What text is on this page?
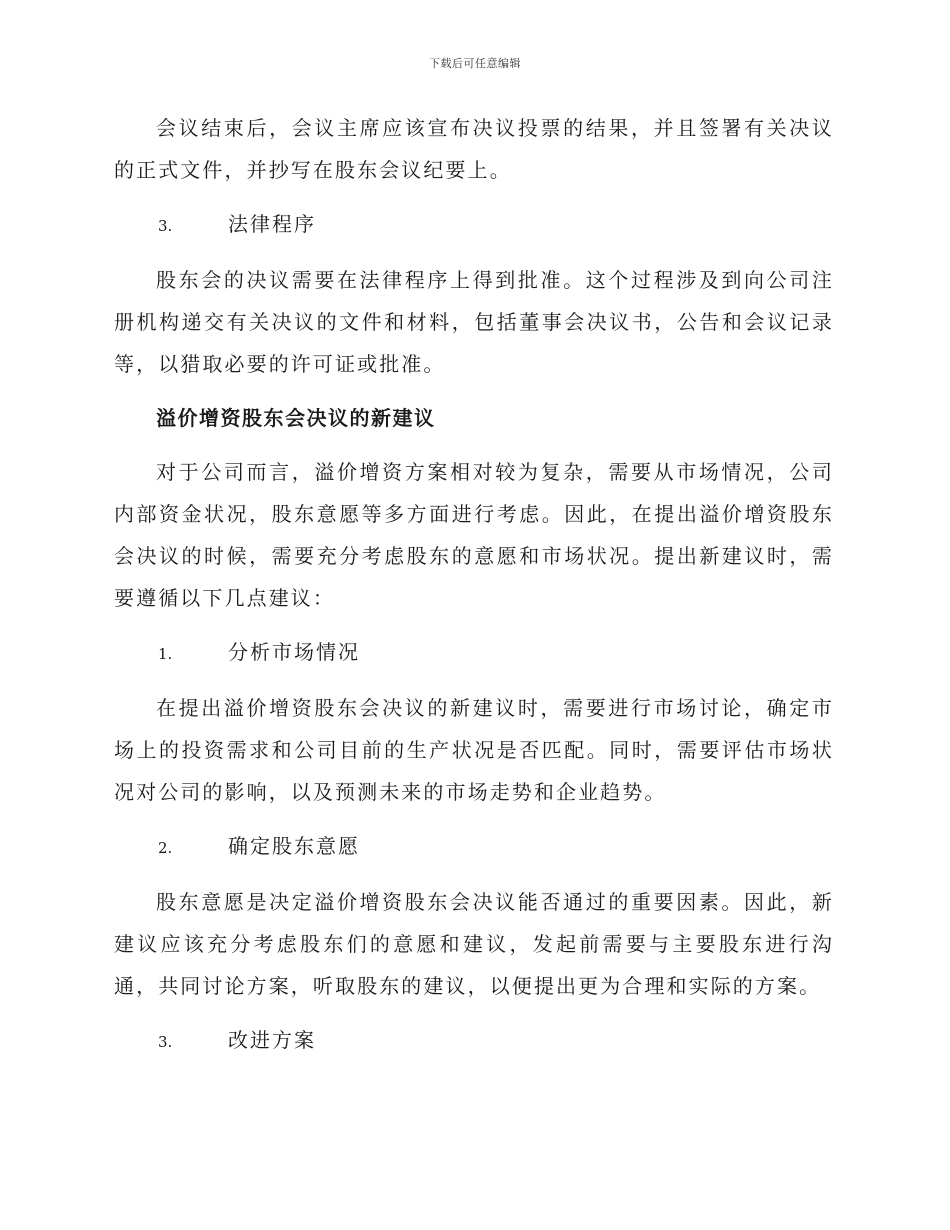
下载后可任意编辑

会议结束后，会议主席应该宣布决议投票的结果，并且签署有关决议的正式文件，并抄写在股东会议纪要上。

3.	法律程序

股东会的决议需要在法律程序上得到批准。这个过程涉及到向公司注册机构递交有关决议的文件和材料，包括董事会决议书，公告和会议记录等，以猎取必要的许可证或批准。

溢价增资股东会决议的新建议

对于公司而言，溢价增资方案相对较为复杂，需要从市场情况，公司内部资金状况，股东意愿等多方面进行考虑。因此，在提出溢价增资股东会决议的时候，需要充分考虑股东的意愿和市场状况。提出新建议时，需要遵循以下几点建议：

1.	分析市场情况

在提出溢价增资股东会决议的新建议时，需要进行市场讨论，确定市场上的投资需求和公司目前的生产状况是否匹配。同时，需要评估市场状况对公司的影响，以及预测未来的市场走势和企业趋势。

2.	确定股东意愿

股东意愿是决定溢价增资股东会决议能否通过的重要因素。因此，新建议应该充分考虑股东们的意愿和建议，发起前需要与主要股东进行沟通，共同讨论方案，听取股东的建议，以便提出更为合理和实际的方案。

3.	改进方案
